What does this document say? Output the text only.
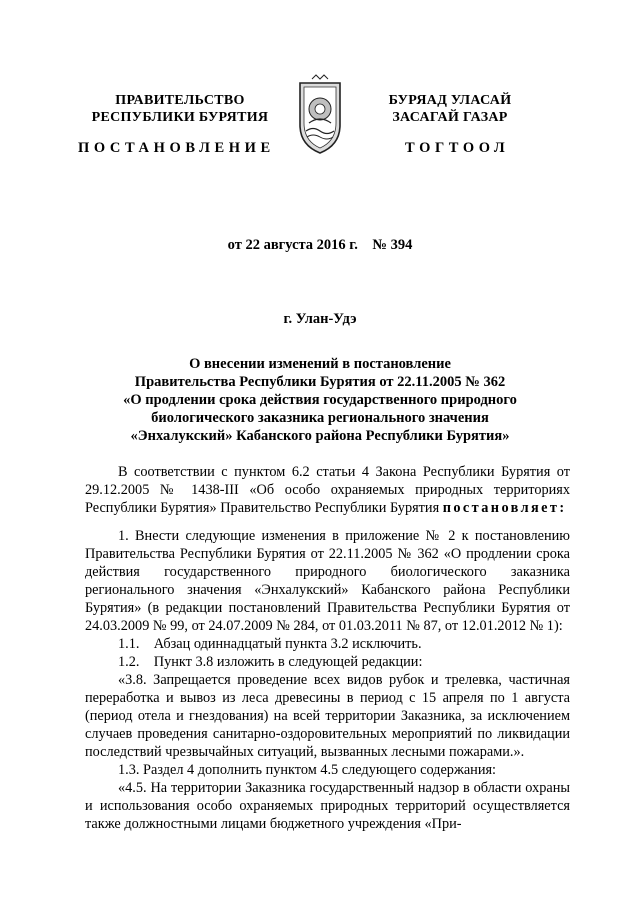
ПРАВИТЕЛЬСТВО
РЕСПУБЛИКИ БУРЯТИЯ
БУРЯАД УЛАСАЙ
ЗАСАГАЙ ГАЗАР
ПОСТАНОВЛЕНИЕ	ТОГТООЛ
от 22 августа 2016 г.    № 394
г. Улан-Удэ
О внесении изменений в постановление
Правительства Республики Бурятия от 22.11.2005 № 362
«О продлении срока действия государственного природного
биологического заказника регионального значения
«Энхалукский» Кабанского района Республики Бурятия»

В соответствии с пунктом 6.2 статьи 4 Закона Республики Бурятия от 29.12.2005 № 1438-III «Об особо охраняемых природных территориях Республики Бурятия» Правительство Республики Бурятия постановляет:

1. Внести следующие изменения в приложение № 2 к постановлению Правительства Республики Бурятия от 22.11.2005 № 362 «О продлении срока действия государственного природного биологического заказника регионального значения «Энхалукский» Кабанского района Республики Бурятия» (в редакции постановлений Правительства Республики Бурятия от 24.03.2009 № 99, от 24.07.2009 № 284, от 01.03.2011 № 87, от 12.01.2012 № 1):

1.1.    Абзац одиннадцатый пункта 3.2 исключить.

1.2.    Пункт 3.8 изложить в следующей редакции:

«3.8. Запрещается проведение всех видов рубок и трелевка, частичная переработка и вывоз из леса древесины в период с 15 апреля по 1 августа (период отела и гнездования) на всей территории Заказника, за исключением случаев проведения санитарно-оздоровительных мероприятий по ликвидации последствий чрезвычайных ситуаций, вызванных лесными пожарами.».

1.3. Раздел 4 дополнить пунктом 4.5 следующего содержания:

«4.5. На территории Заказника государственный надзор в области охраны и использования особо охраняемых природных территорий осуществляется также должностными лицами бюджетного учреждения «При-
